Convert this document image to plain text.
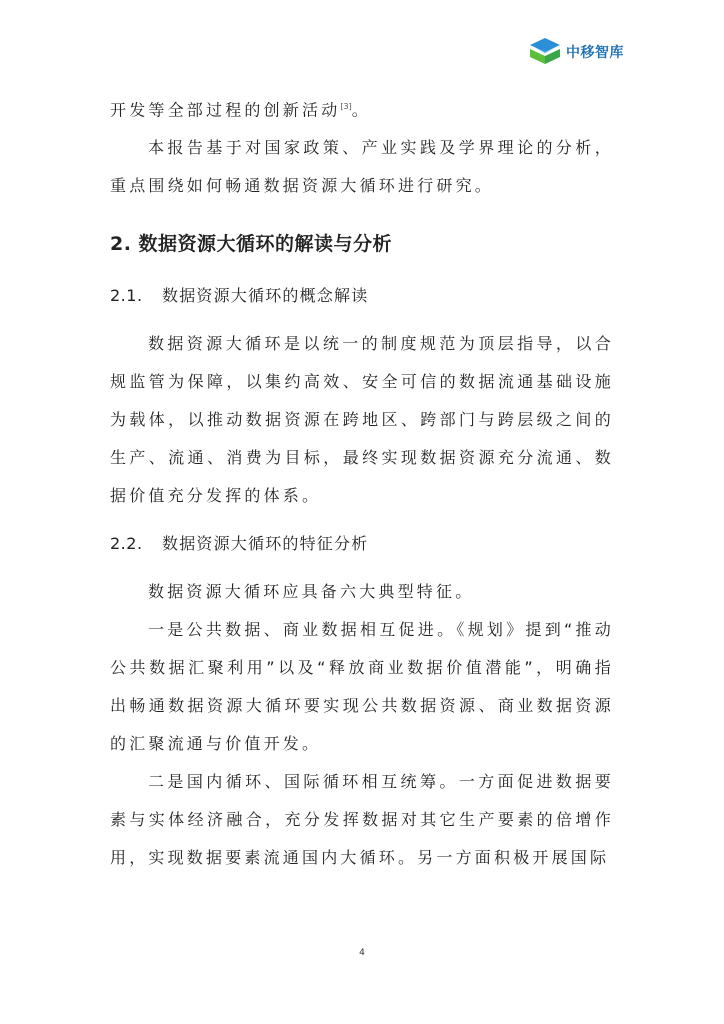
中移智库

开发等全部过程的创新活动[3]。

本报告基于对国家政策、产业实践及学界理论的分析，重点围绕如何畅通数据资源大循环进行研究。

2. 数据资源大循环的解读与分析
2.1. 数据资源大循环的概念解读

数据资源大循环是以统一的制度规范为顶层指导，以合规监管为保障，以集约高效、安全可信的数据流通基础设施为载体，以推动数据资源在跨地区、跨部门与跨层级之间的生产、流通、消费为目标，最终实现数据资源充分流通、数据价值充分发挥的体系。

2.2. 数据资源大循环的特征分析

数据资源大循环应具备六大典型特征。

一是公共数据、商业数据相互促进。《规划》提到“推动公共数据汇聚利用”以及“释放商业数据价值潜能”，明确指出畅通数据资源大循环要实现公共数据资源、商业数据资源的汇聚流通与价值开发。

二是国内循环、国际循环相互统筹。一方面促进数据要素与实体经济融合，充分发挥数据对其它生产要素的倍增作用，实现数据要素流通国内大循环。另一方面积极开展国际

4
